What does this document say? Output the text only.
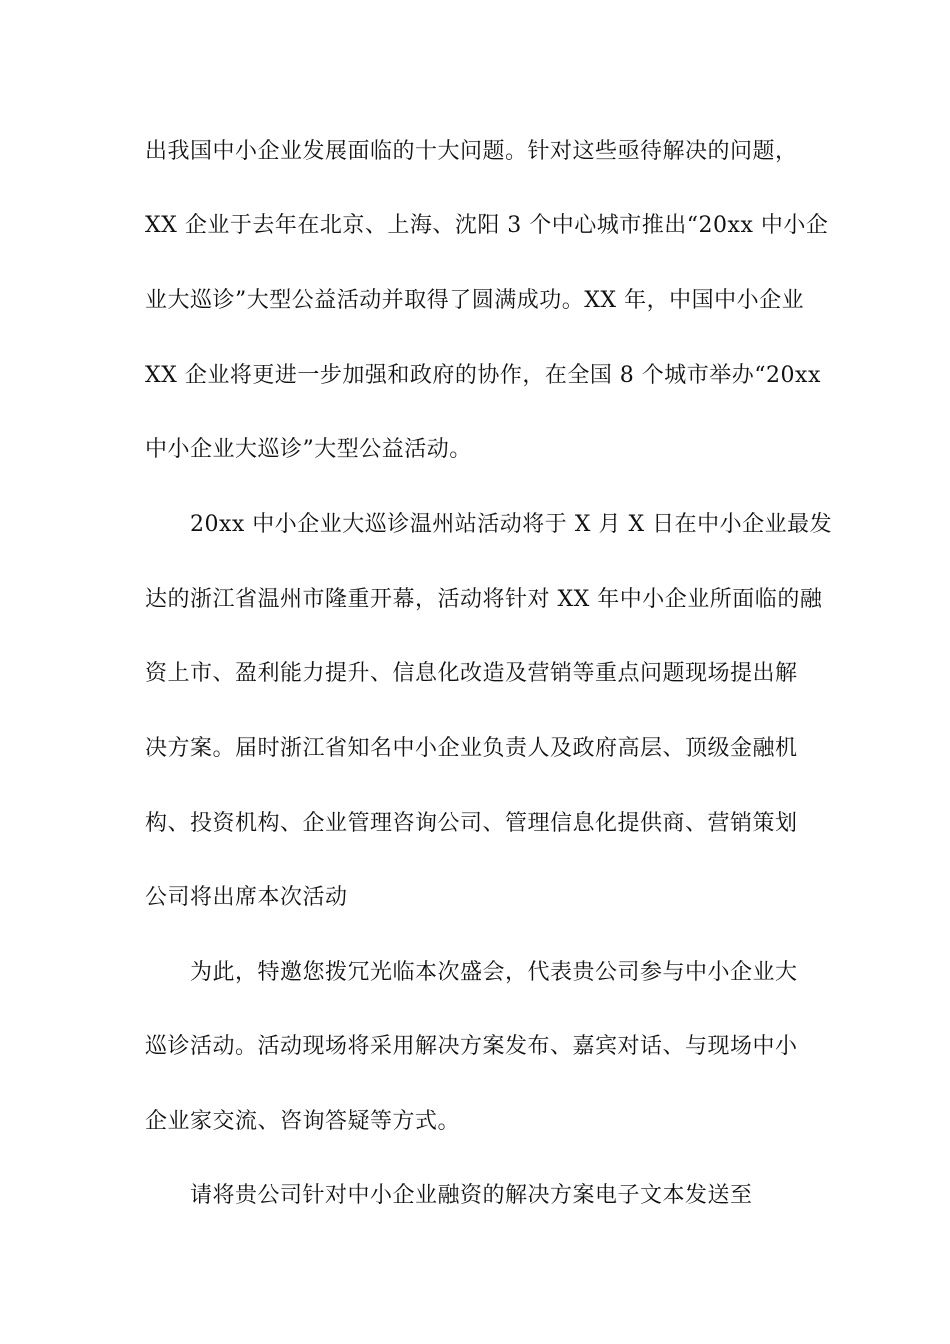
出我国中小企业发展面临的十大问题。针对这些亟待解决的问题，
XX 企业于去年在北京、上海、沈阳 3 个中心城市推出“20xx 中小企
业大巡诊”大型公益活动并取得了圆满成功。XX 年，中国中小企业
XX 企业将更进一步加强和政府的协作，在全国 8 个城市举办“20xx
中小企业大巡诊”大型公益活动。
20xx 中小企业大巡诊温州站活动将于 X 月 X 日在中小企业最发
达的浙江省温州市隆重开幕，活动将针对 XX 年中小企业所面临的融
资上市、盈利能力提升、信息化改造及营销等重点问题现场提出解
决方案。届时浙江省知名中小企业负责人及政府高层、顶级金融机
构、投资机构、企业管理咨询公司、管理信息化提供商、营销策划
公司将出席本次活动
为此，特邀您拨冗光临本次盛会，代表贵公司参与中小企业大
巡诊活动。活动现场将采用解决方案发布、嘉宾对话、与现场中小
企业家交流、咨询答疑等方式。
请将贵公司针对中小企业融资的解决方案电子文本发送至
